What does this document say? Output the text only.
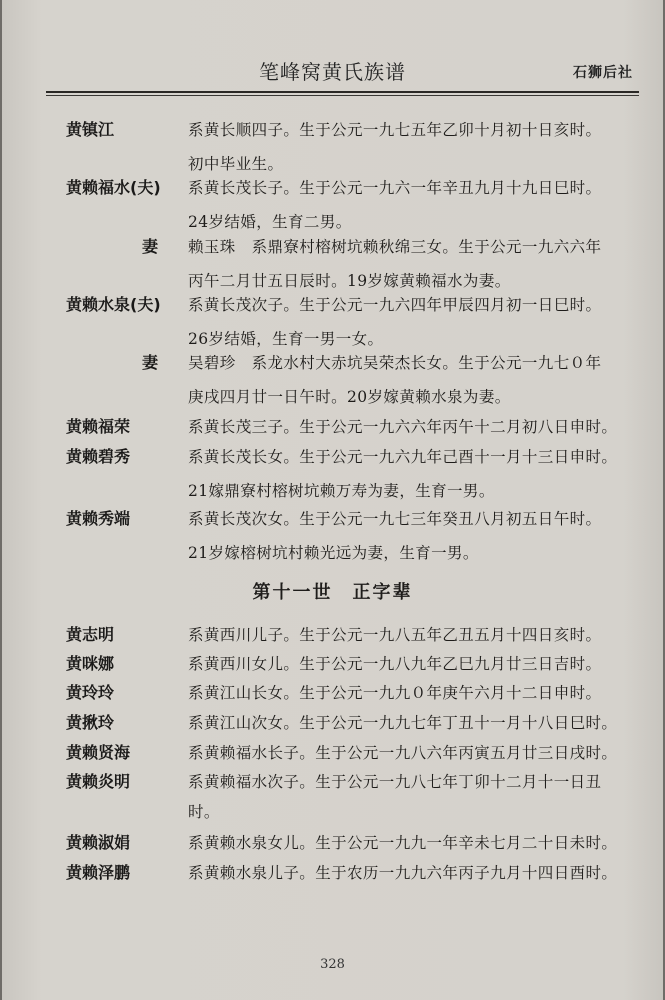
笔峰窝黄氏族谱	石狮后社
黄镇江	系黄长顺四子。生于公元一九七五年乙卯十月初十日亥时。
初中毕业生。
黄赖福水(夫) 系黄长茂长子。生于公元一九六一年辛丑九月十九日巳时。
24岁结婚，生育二男。
妻 赖玉珠　系鼎寮村榕树坑赖秋绵三女。生于公元一九六六年
丙午二月廿五日辰时。19岁嫁黄赖福水为妻。
黄赖水泉(夫) 系黄长茂次子。生于公元一九六四年甲辰四月初一日巳时。
26岁结婚，生育一男一女。
妻 吴碧珍　系龙水村大赤坑吴荣杰长女。生于公元一九七０年
庚戌四月廿一日午时。20岁嫁黄赖水泉为妻。
黄赖福荣	系黄长茂三子。生于公元一九六六年丙午十二月初八日申时。
黄赖碧秀	系黄长茂长女。生于公元一九六九年己酉十一月十三日申时。
21嫁鼎寮村榕树坑赖万寿为妻，生育一男。
黄赖秀端	系黄长茂次女。生于公元一九七三年癸丑八月初五日午时。
21岁嫁榕树坑村赖光远为妻，生育一男。
第十一世　正字辈
黄志明	系黄西川儿子。生于公元一九八五年乙丑五月十四日亥时。
黄咪娜	系黄西川女儿。生于公元一九八九年乙巳九月廿三日吉时。
黄玲玲	系黄江山长女。生于公元一九九０年庚午六月十二日申时。
黄揪玲	系黄江山次女。生于公元一九九七年丁丑十一月十八日巳时。
黄赖贤海	系黄赖福水长子。生于公元一九八六年丙寅五月廿三日戌时。
黄赖炎明	系黄赖福水次子。生于公元一九八七年丁卯十二月十一日丑
时。
黄赖淑娟	系黄赖水泉女儿。生于公元一九九一年辛未七月二十日未时。
黄赖泽鹏	系黄赖水泉儿子。生于农历一九九六年丙子九月十四日酉时。
328
